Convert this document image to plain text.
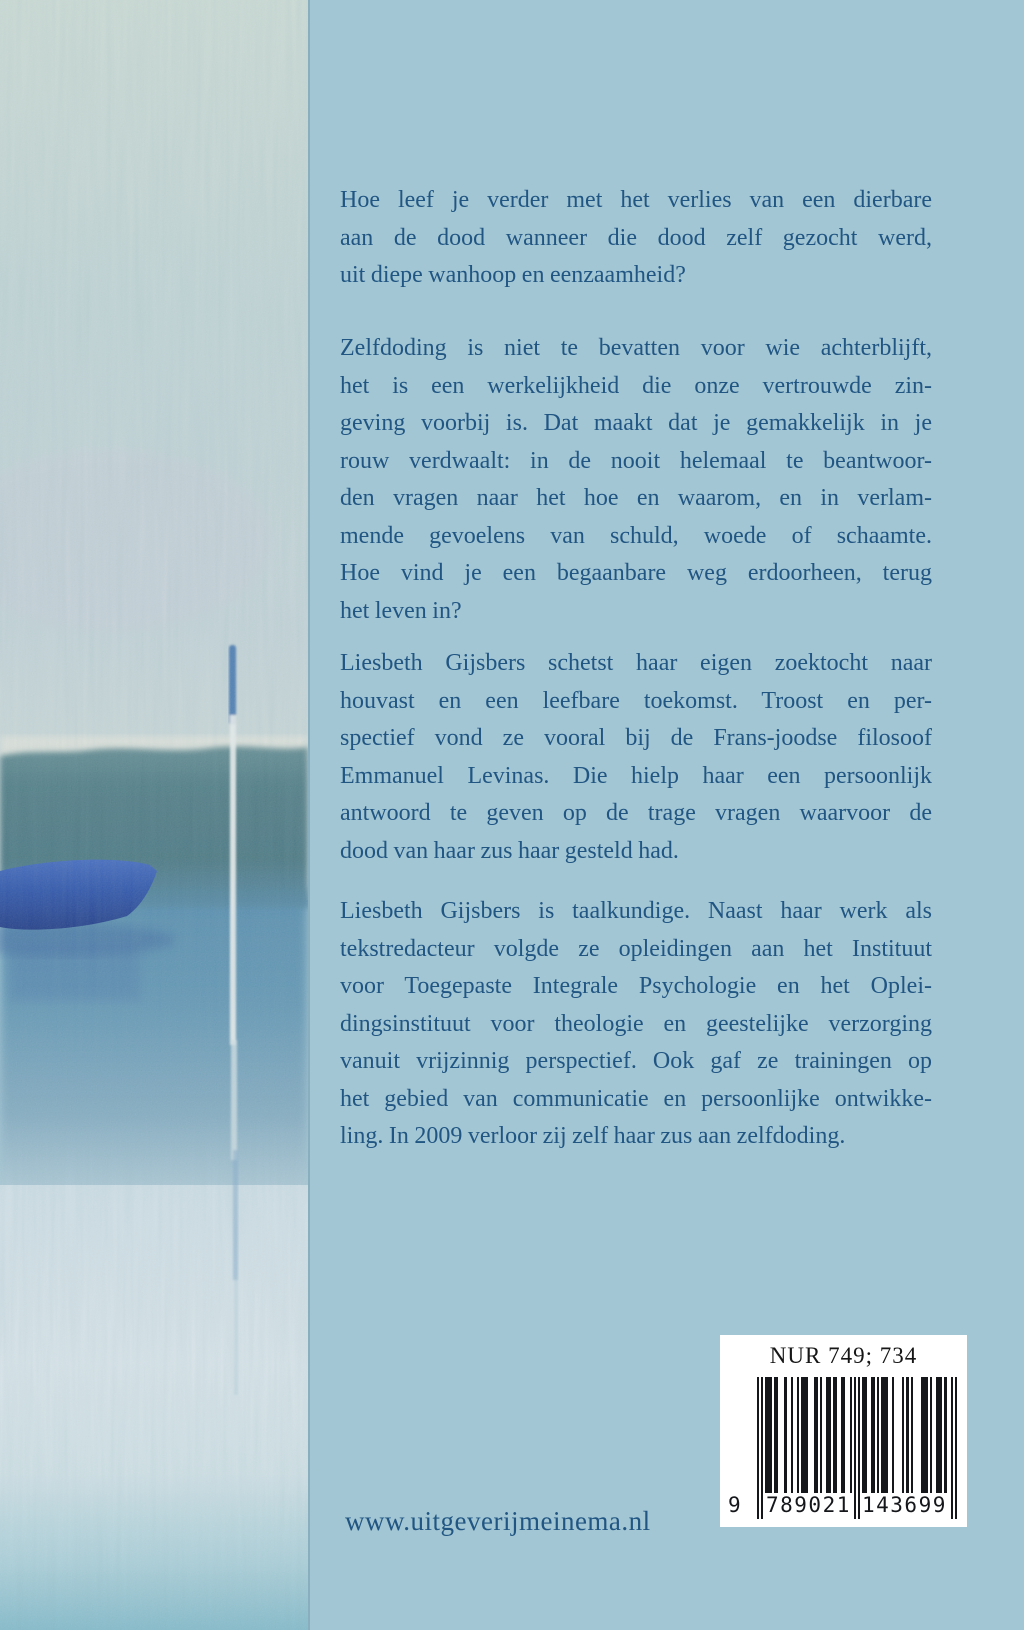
Hoe leef je verder met het verlies van een dierbare
aan de dood wanneer die dood zelf gezocht werd,
uit diepe wanhoop en eenzaamheid?
Zelfdoding is niet te bevatten voor wie achterblijft,
het is een werkelijkheid die onze vertrouwde zin-
geving voorbij is. Dat maakt dat je gemakkelijk in je
rouw verdwaalt: in de nooit helemaal te beantwoor-
den vragen naar het hoe en waarom, en in verlam-
mende gevoelens van schuld, woede of schaamte.
Hoe vind je een begaanbare weg erdoorheen, terug
het leven in?
Liesbeth Gijsbers schetst haar eigen zoektocht naar
houvast en een leefbare toekomst. Troost en per-
spectief vond ze vooral bij de Frans-joodse filosoof
Emmanuel Levinas. Die hielp haar een persoonlijk
antwoord te geven op de trage vragen waarvoor de
dood van haar zus haar gesteld had.
Liesbeth Gijsbers is taalkundige. Naast haar werk als
tekstredacteur volgde ze opleidingen aan het Instituut
voor Toegepaste Integrale Psychologie en het Oplei-
dingsinstituut voor theologie en geestelijke verzorging
vanuit vrijzinnig perspectief. Ook gaf ze trainingen op
het gebied van communicatie en persoonlijke ontwikke-
ling. In 2009 verloor zij zelf haar zus aan zelfdoding.
www.uitgeverijmeinema.nl
NUR 749; 734
9 789021 143699
